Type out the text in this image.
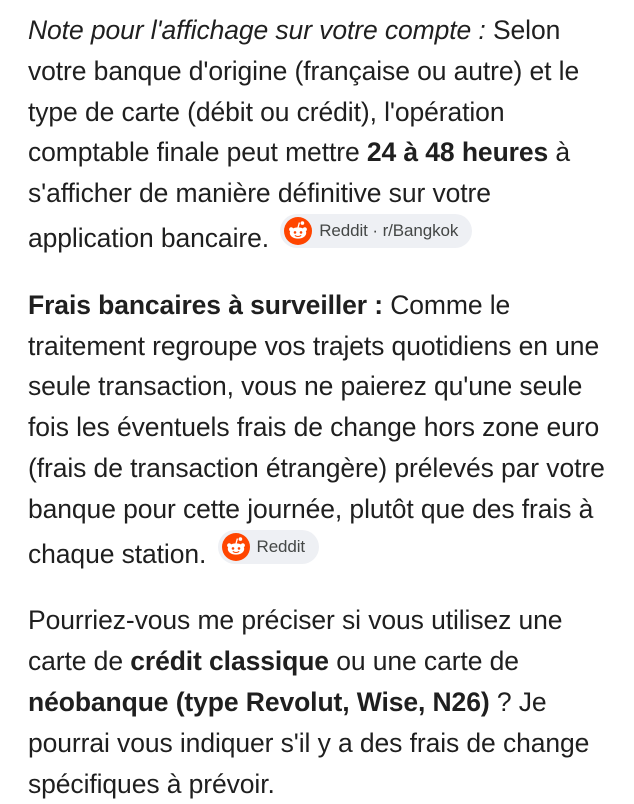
Note pour l'affichage sur votre compte : Selon votre banque d'origine (française ou autre) et le type de carte (débit ou crédit), l'opération comptable finale peut mettre 24 à 48 heures à s'afficher de manière définitive sur votre application bancaire.	Reddit · r/Bangkok

Frais bancaires à surveiller : Comme le traitement regroupe vos trajets quotidiens en une seule transaction, vous ne paierez qu'une seule fois les éventuels frais de change hors zone euro (frais de transaction étrangère) prélevés par votre banque pour cette journée, plutôt que des frais à chaque station.	Reddit

Pourriez-vous me préciser si vous utilisez une carte de crédit classique ou une carte de néobanque (type Revolut, Wise, N26) ? Je pourrai vous indiquer s'il y a des frais de change spécifiques à prévoir.
